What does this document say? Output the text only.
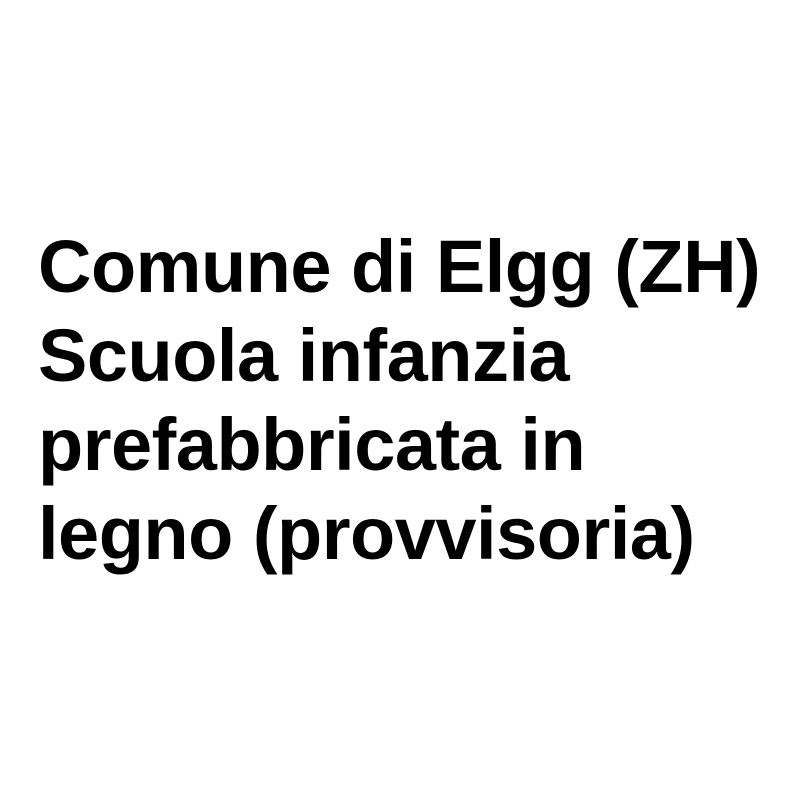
Comune di Elgg (ZH)
Scuola infanzia
prefabbricata in
legno (provvisoria)
